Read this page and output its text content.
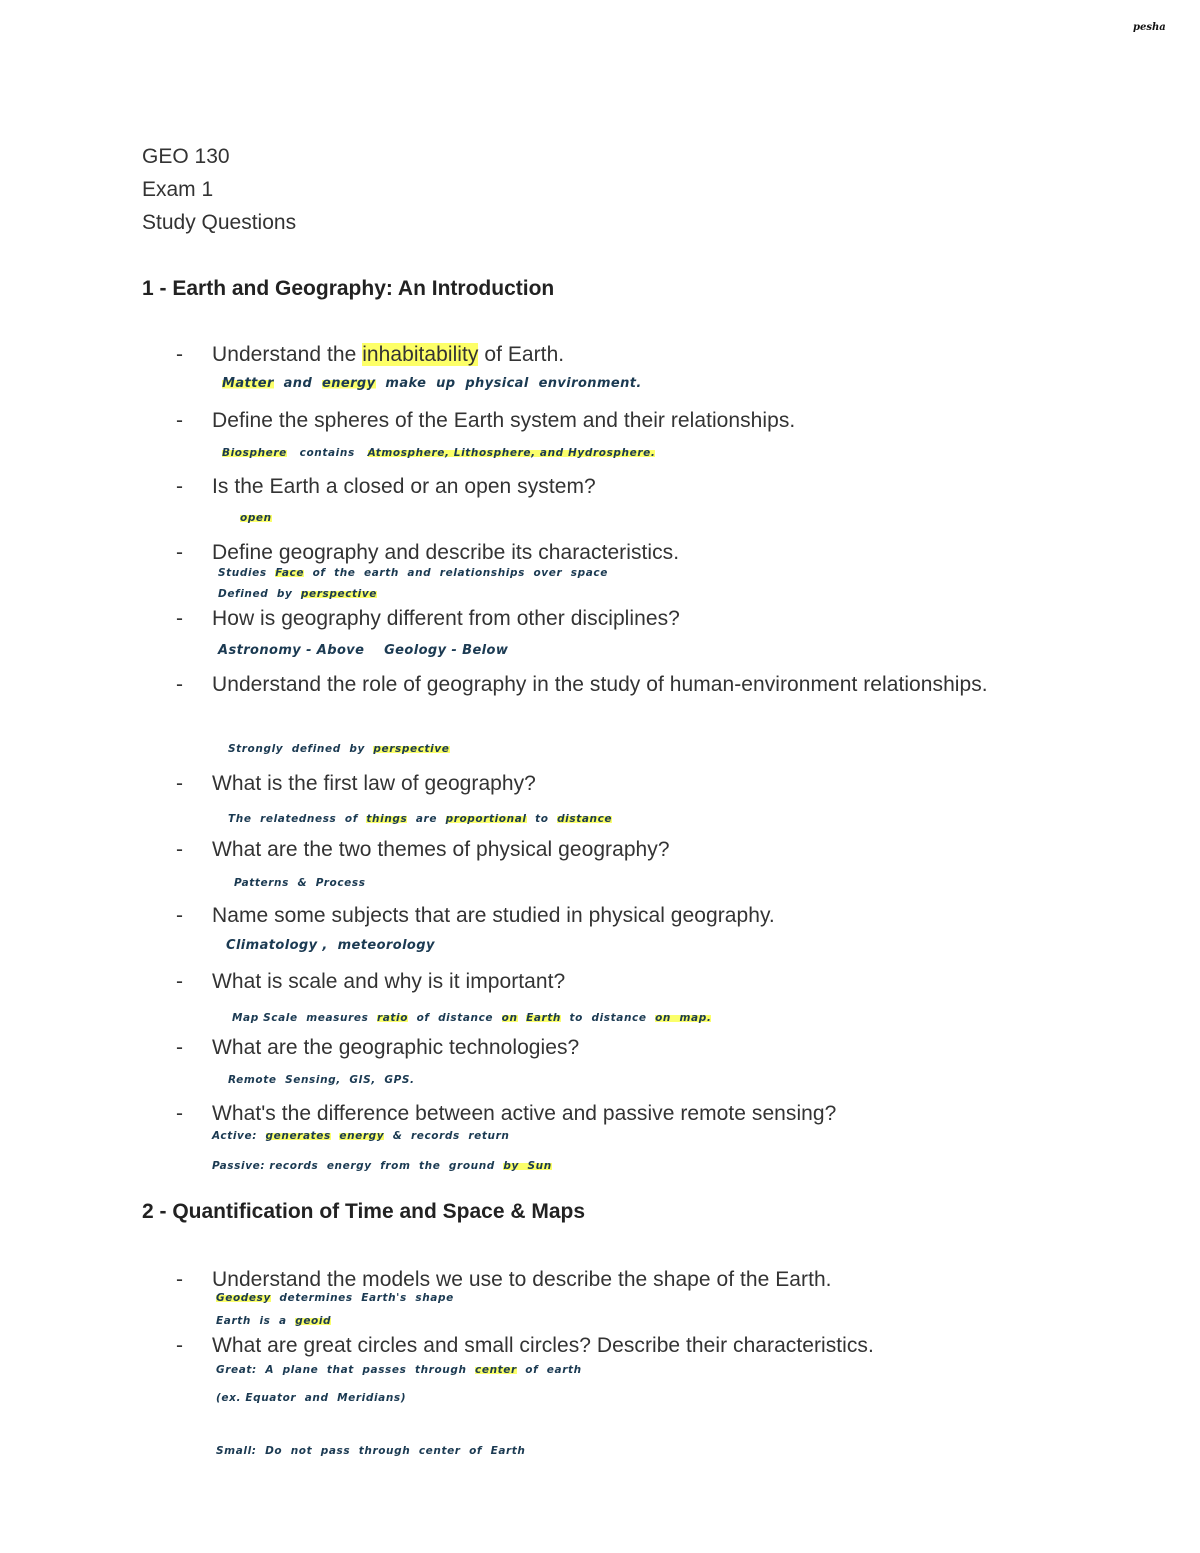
pesha
GEO 130
Exam 1
Study Questions
1 - Earth and Geography: An Introduction
- Understand the inhabitability of Earth.
Matter  and  energy  make  up  physical  environment.
- Define the spheres of the Earth system and their relationships.
Biosphere   contains   Atmosphere, Lithosphere, and Hydrosphere.
- Is the Earth a closed or an open system?
open
- Define geography and describe its characteristics.
Studies  Face  of  the  earth  and  relationships  over  space
Defined  by  perspective
- How is geography different from other disciplines?
Astronomy - Above    Geology - Below
- Understand the role of geography in the study of human-environment relationships.
Strongly  defined  by  perspective
- What is the first law of geography?
The  relatedness  of  things  are  proportional  to  distance
- What are the two themes of physical geography?
Patterns  &  Process
- Name some subjects that are studied in physical geography.
Climatology ,  meteorology
- What is scale and why is it important?
Map Scale  measures  ratio  of  distance  on Earth  to  distance  on  map.
- What are the geographic technologies?
Remote  Sensing,  GIS,  GPS.
- What's the difference between active and passive remote sensing?
Active:  generates energy  &  records  return
Passive: records  energy  from  the  ground  by  Sun
2 - Quantification of Time and Space & Maps
- Understand the models we use to describe the shape of the Earth.
Geodesy  determines  Earth's  shape
Earth  is  a  geoid
- What are great circles and small circles? Describe their characteristics.
Great:  A  plane  that  passes  through  center  of  earth
(ex. Equator  and  Meridians)
Small:  Do  not  pass  through  center  of  Earth
